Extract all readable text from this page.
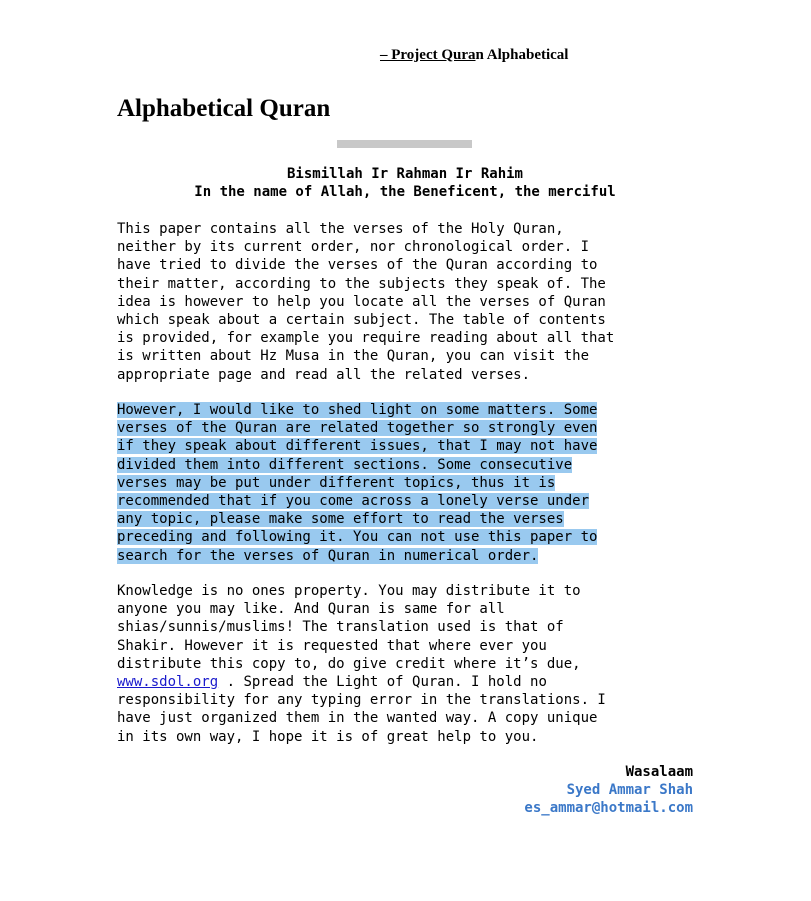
– Project Quran Alphabetical
Alphabetical Quran
Bismillah Ir Rahman Ir Rahim
In the name of Allah, the Beneficent, the merciful
This paper contains all the verses of the Holy Quran,
neither by its current order, nor chronological order. I
have tried to divide the verses of the Quran according to
their matter, according to the subjects they speak of. The
idea is however to help you locate all the verses of Quran
which speak about a certain subject. The table of contents
is provided, for example you require reading about all that
is written about Hz Musa in the Quran, you can visit the
appropriate page and read all the related verses.
However, I would like to shed light on some matters. Some
verses of the Quran are related together so strongly even
if they speak about different issues, that I may not have
divided them into different sections. Some consecutive
verses may be put under different topics, thus it is
recommended that if you come across a lonely verse under
any topic, please make some effort to read the verses
preceding and following it. You can not use this paper to
search for the verses of Quran in numerical order.
Knowledge is no ones property. You may distribute it to
anyone you may like. And Quran is same for all
shias/sunnis/muslims! The translation used is that of
Shakir. However it is requested that where ever you
distribute this copy to, do give credit where it’s due,
www.sdol.org . Spread the Light of Quran. I hold no
responsibility for any typing error in the translations. I
have just organized them in the wanted way. A copy unique
in its own way, I hope it is of great help to you.
Wasalaam
Syed Ammar Shah
es_ammar@hotmail.com
